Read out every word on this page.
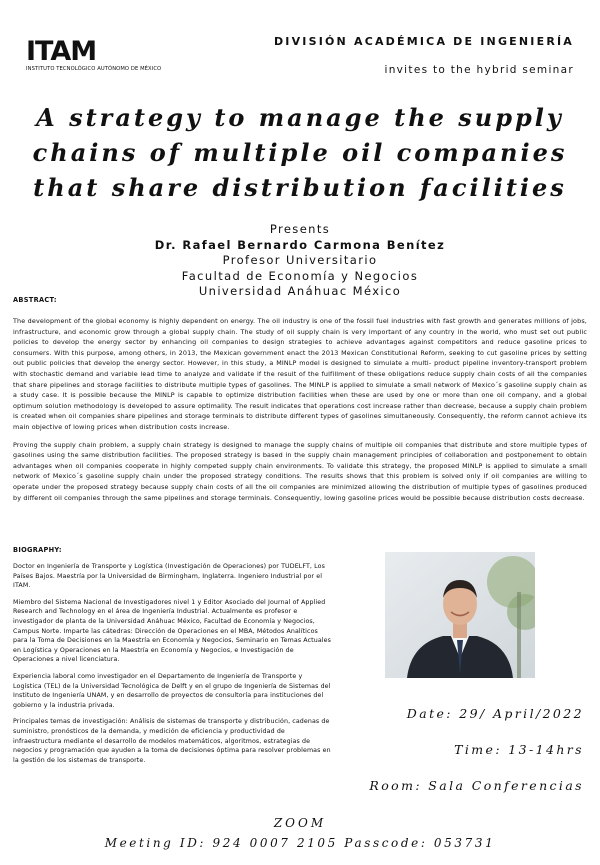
ITAM
INSTITUTO TECNOLÓGICO AUTÓNOMO DE MÉXICO
DIVISIÓN ACADÉMICA DE INGENIERÍA
invites to the hybrid seminar
A strategy to manage the supply
chains of multiple oil companies
that share distribution facilities
Presents
Dr. Rafael Bernardo Carmona Benítez
Profesor Universitario
Facultad de Economía y Negocios
Universidad Anáhuac México
ABSTRACT:

The development of the global economy is highly dependent on energy. The oil industry is one of the fossil fuel industries with fast growth and generates millions of jobs, infrastructure, and economic grow through a global supply chain. The study of oil supply chain is very important of any country in the world, who must set out public policies to develop the energy sector by enhancing oil companies to design strategies to achieve advantages against competitors and reduce gasoline prices to consumers. With this purpose, among others, in 2013, the Mexican government enact the 2013 Mexican Constitutional Reform, seeking to cut gasoline prices by setting out public policies that develop the energy sector. However, in this study, a MINLP model is designed to simulate a multi- product pipeline inventory-transport problem with stochastic demand and variable lead time to analyze and validate if the result of the fulfillment of these obligations reduce supply chain costs of all the companies that share pipelines and storage facilities to distribute multiple types of gasolines. The MINLP is applied to simulate a small network of Mexico´s gasoline supply chain as a study case. It is possible because the MINLP is capable to optimize distribution facilities when these are used by one or more than one oil company, and a global optimum solution methodology is developed to assure optimality. The result indicates that operations cost increase rather than decrease, because a supply chain problem is created when oil companies share pipelines and storage terminals to distribute different types of gasolines simultaneously. Consequently, the reform cannot achieve its main objective of lowing prices when distribution costs increase.

Proving the supply chain problem, a supply chain strategy is designed to manage the supply chains of multiple oil companies that distribute and store multiple types of gasolines using the same distribution facilities. The proposed strategy is based in the supply chain management principles of collaboration and postponement to obtain advantages when oil companies cooperate in highly competed supply chain environments. To validate this strategy, the proposed MINLP is applied to simulate a small network of Mexico´s gasoline supply chain under the proposed strategy conditions. The results shows that this problem is solved only if oil companies are willing to operate under the proposed strategy because supply chain costs of all the oil companies are minimized allowing the distribution of multiple types of gasolines produced by different oil companies through the same pipelines and storage terminals. Consequently, lowing gasoline prices would be possible because distribution costs decrease.

BIOGRAPHY:

Doctor en Ingeniería de Transporte y Logística (Investigación de Operaciones) por TUDELFT, Los Países Bajos. Maestría por la Universidad de Birmingham, Inglaterra. Ingeniero Industrial por el ITAM.

Miembro del Sistema Nacional de Investigadores nivel 1 y Editor Asociado del Journal of Applied Research and Technology en el área de Ingeniería Industrial. Actualmente es profesor e investigador de planta de la Universidad Anáhuac México, Facultad de Economía y Negocios, Campus Norte. Imparte las cátedras: Dirección de Operaciones en el MBA, Métodos Analíticos para la Toma de Decisiones en la Maestría en Economía y Negocios, Seminario en Temas Actuales en Logística y Operaciones en la Maestría en Economía y Negocios, e Investigación de Operaciones a nivel licenciatura.

Experiencia laboral como investigador en el Departamento de Ingeniería de Transporte y Logística (TEL) de la Universidad Tecnológica de Delft y en el grupo de Ingeniería de Sistemas del Instituto de Ingeniería UNAM, y en desarrollo de proyectos de consultoría para instituciones del gobierno y la industria privada.

Principales temas de investigación: Análisis de sistemas de transporte y distribución, cadenas de suministro, pronósticos de la demanda, y medición de eficiencia y productividad de infraestructura mediante el desarrollo de modelos matemáticos, algoritmos, estrategias de negocios y programación que ayuden a la toma de decisiones óptima para resolver problemas en la gestión de los sistemas de transporte.

Date: 29/ April/2022
Time: 13-14hrs
Room: Sala Conferencias
ZOOM
Meeting ID: 924 0007 2105 Passcode: 053731
